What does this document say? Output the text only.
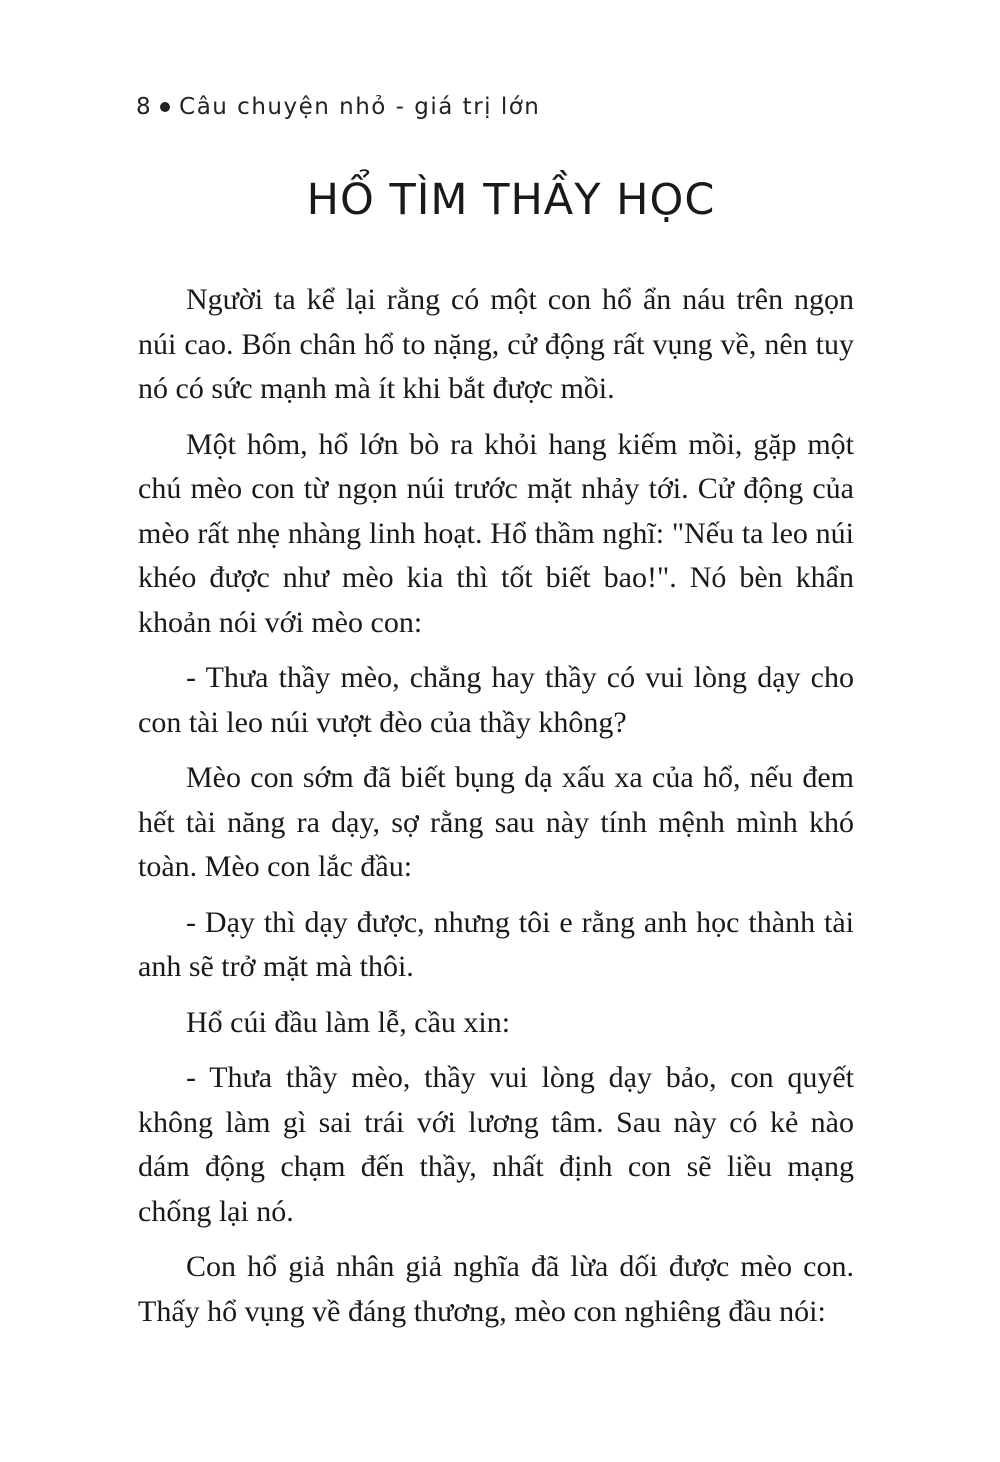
8 Câu chuyện nhỏ - giá trị lớn
HỔ TÌM THẦY HỌC

Người ta kể lại rằng có một con hổ ẩn náu trên ngọn núi cao. Bốn chân hổ to nặng, cử động rất vụng về, nên tuy nó có sức mạnh mà ít khi bắt được mồi.

Một hôm, hổ lớn bò ra khỏi hang kiếm mồi, gặp một chú mèo con từ ngọn núi trước mặt nhảy tới. Cử động của mèo rất nhẹ nhàng linh hoạt. Hổ thầm nghĩ: "Nếu ta leo núi khéo được như mèo kia thì tốt biết bao!". Nó bèn khẩn khoản nói với mèo con:

- Thưa thầy mèo, chẳng hay thầy có vui lòng dạy cho con tài leo núi vượt đèo của thầy không?

Mèo con sớm đã biết bụng dạ xấu xa của hổ, nếu đem hết tài năng ra dạy, sợ rằng sau này tính mệnh mình khó toàn. Mèo con lắc đầu:

- Dạy thì dạy được, nhưng tôi e rằng anh học thành tài anh sẽ trở mặt mà thôi.

Hổ cúi đầu làm lễ, cầu xin:

- Thưa thầy mèo, thầy vui lòng dạy bảo, con quyết không làm gì sai trái với lương tâm. Sau này có kẻ nào dám động chạm đến thầy, nhất định con sẽ liều mạng chống lại nó.

Con hổ giả nhân giả nghĩa đã lừa dối được mèo con. Thấy hổ vụng về đáng thương, mèo con nghiêng đầu nói:
